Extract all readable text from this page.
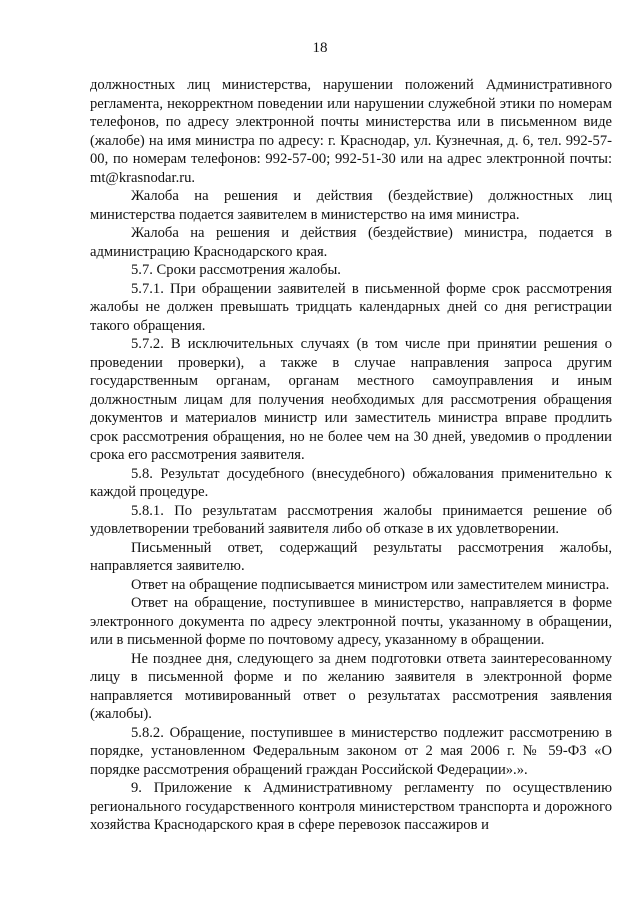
18

должностных лиц министерства, нарушении положений Административного регламента, некорректном поведении или нарушении служебной этики по номерам телефонов, по адресу электронной почты министерства или в письменном виде (жалобе) на имя министра по адресу: г. Краснодар, ул. Кузнечная, д. 6, тел. 992-57-00, по номерам телефонов: 992-57-00; 992-51-30 или на адрес электронной почты: mt@krasnodar.ru.

Жалоба на решения и действия (бездействие) должностных лиц министерства подается заявителем в министерство на имя министра.

Жалоба на решения и действия (бездействие) министра, подается в администрацию Краснодарского края.

5.7. Сроки рассмотрения жалобы.

5.7.1. При обращении заявителей в письменной форме срок рассмотрения жалобы не должен превышать тридцать календарных дней со дня регистрации такого обращения.

5.7.2. В исключительных случаях (в том числе при принятии решения о проведении проверки), а также в случае направления запроса другим государственным органам, органам местного самоуправления и иным должностным лицам для получения необходимых для рассмотрения обращения документов и материалов министр или заместитель министра вправе продлить срок рассмотрения обращения, но не более чем на 30 дней, уведомив о продлении срока его рассмотрения заявителя.

5.8. Результат досудебного (внесудебного) обжалования применительно к каждой процедуре.

5.8.1. По результатам рассмотрения жалобы принимается решение об удовлетворении требований заявителя либо об отказе в их удовлетворении.

Письменный ответ, содержащий результаты рассмотрения жалобы, направляется заявителю.

Ответ на обращение подписывается министром или заместителем министра.

Ответ на обращение, поступившее в министерство, направляется в форме электронного документа по адресу электронной почты, указанному в обращении, или в письменной форме по почтовому адресу, указанному в обращении.

Не позднее дня, следующего за днем подготовки ответа заинтересованному лицу в письменной форме и по желанию заявителя в электронной форме направляется мотивированный ответ о результатах рассмотрения заявления (жалобы).

5.8.2. Обращение, поступившее в министерство подлежит рассмотрению в порядке, установленном Федеральным законом от 2 мая 2006 г. № 59-ФЗ «О порядке рассмотрения обращений граждан Российской Федерации».».

9. Приложение к Административному регламенту по осуществлению регионального государственного контроля министерством транспорта и дорожного хозяйства Краснодарского края в сфере перевозок пассажиров и
